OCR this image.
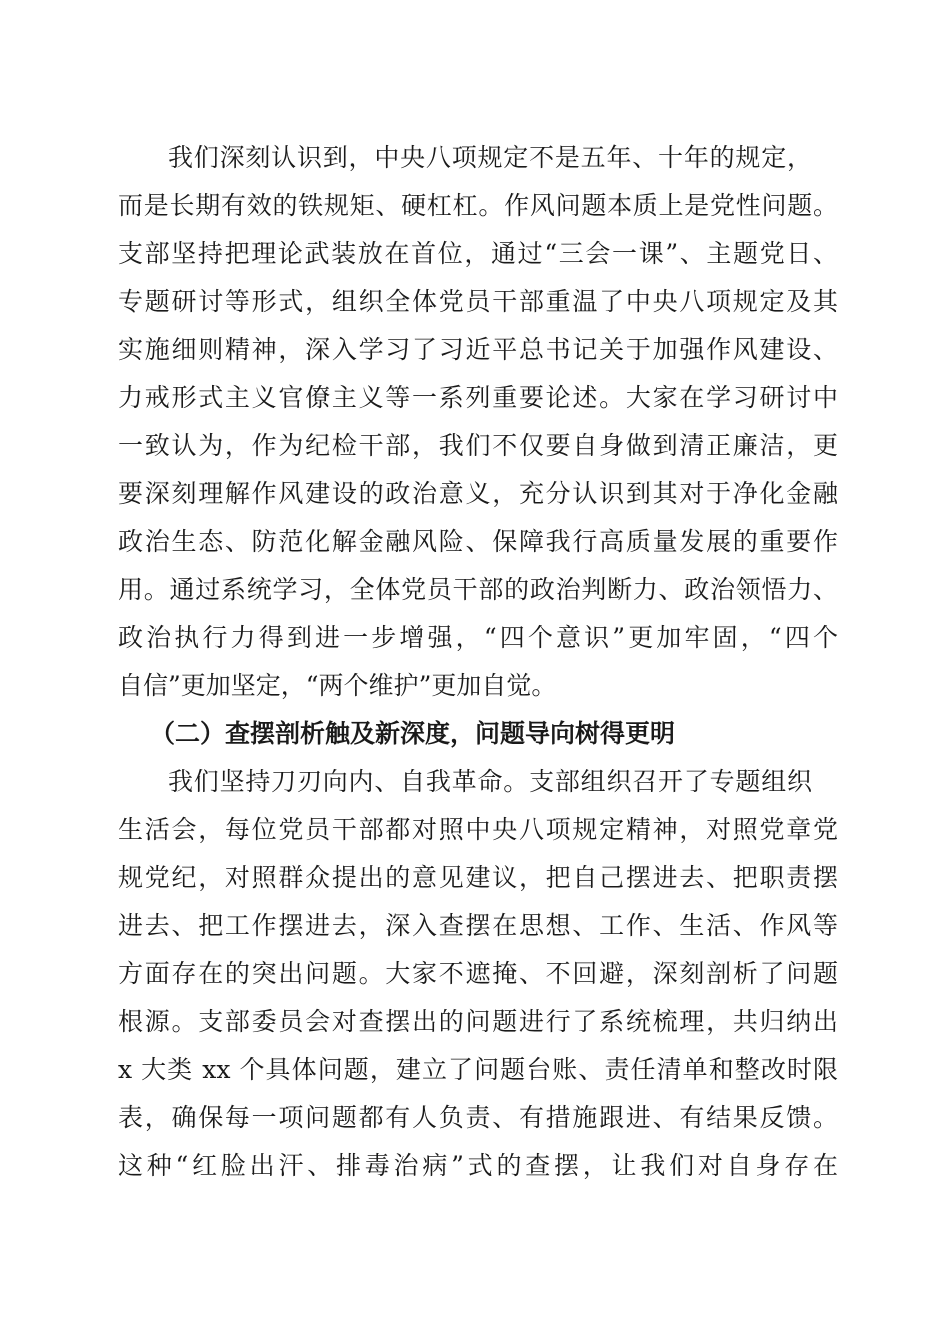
我们深刻认识到，中央八项规定不是五年、十年的规定，
而是长期有效的铁规矩、硬杠杠。作风问题本质上是党性问题。
支部坚持把理论武装放在首位，通过“三会一课”、主题党日、
专题研讨等形式，组织全体党员干部重温了中央八项规定及其
实施细则精神，深入学习了习近平总书记关于加强作风建设、
力戒形式主义官僚主义等一系列重要论述。大家在学习研讨中
一致认为，作为纪检干部，我们不仅要自身做到清正廉洁，更
要深刻理解作风建设的政治意义，充分认识到其对于净化金融
政治生态、防范化解金融风险、保障我行高质量发展的重要作
用。通过系统学习，全体党员干部的政治判断力、政治领悟力、
政治执行力得到进一步增强，“四个意识”更加牢固，“四个
自信”更加坚定，“两个维护”更加自觉。
（二）查摆剖析触及新深度，问题导向树得更明
我们坚持刀刃向内、自我革命。支部组织召开了专题组织
生活会，每位党员干部都对照中央八项规定精神，对照党章党
规党纪，对照群众提出的意见建议，把自己摆进去、把职责摆
进去、把工作摆进去，深入查摆在思想、工作、生活、作风等
方面存在的突出问题。大家不遮掩、不回避，深刻剖析了问题
根源。支部委员会对查摆出的问题进行了系统梳理，共归纳出
x 大类 xx 个具体问题，建立了问题台账、责任清单和整改时限
表，确保每一项问题都有人负责、有措施跟进、有结果反馈。
这种“红脸出汗、排毒治病”式的查摆，让我们对自身存在
